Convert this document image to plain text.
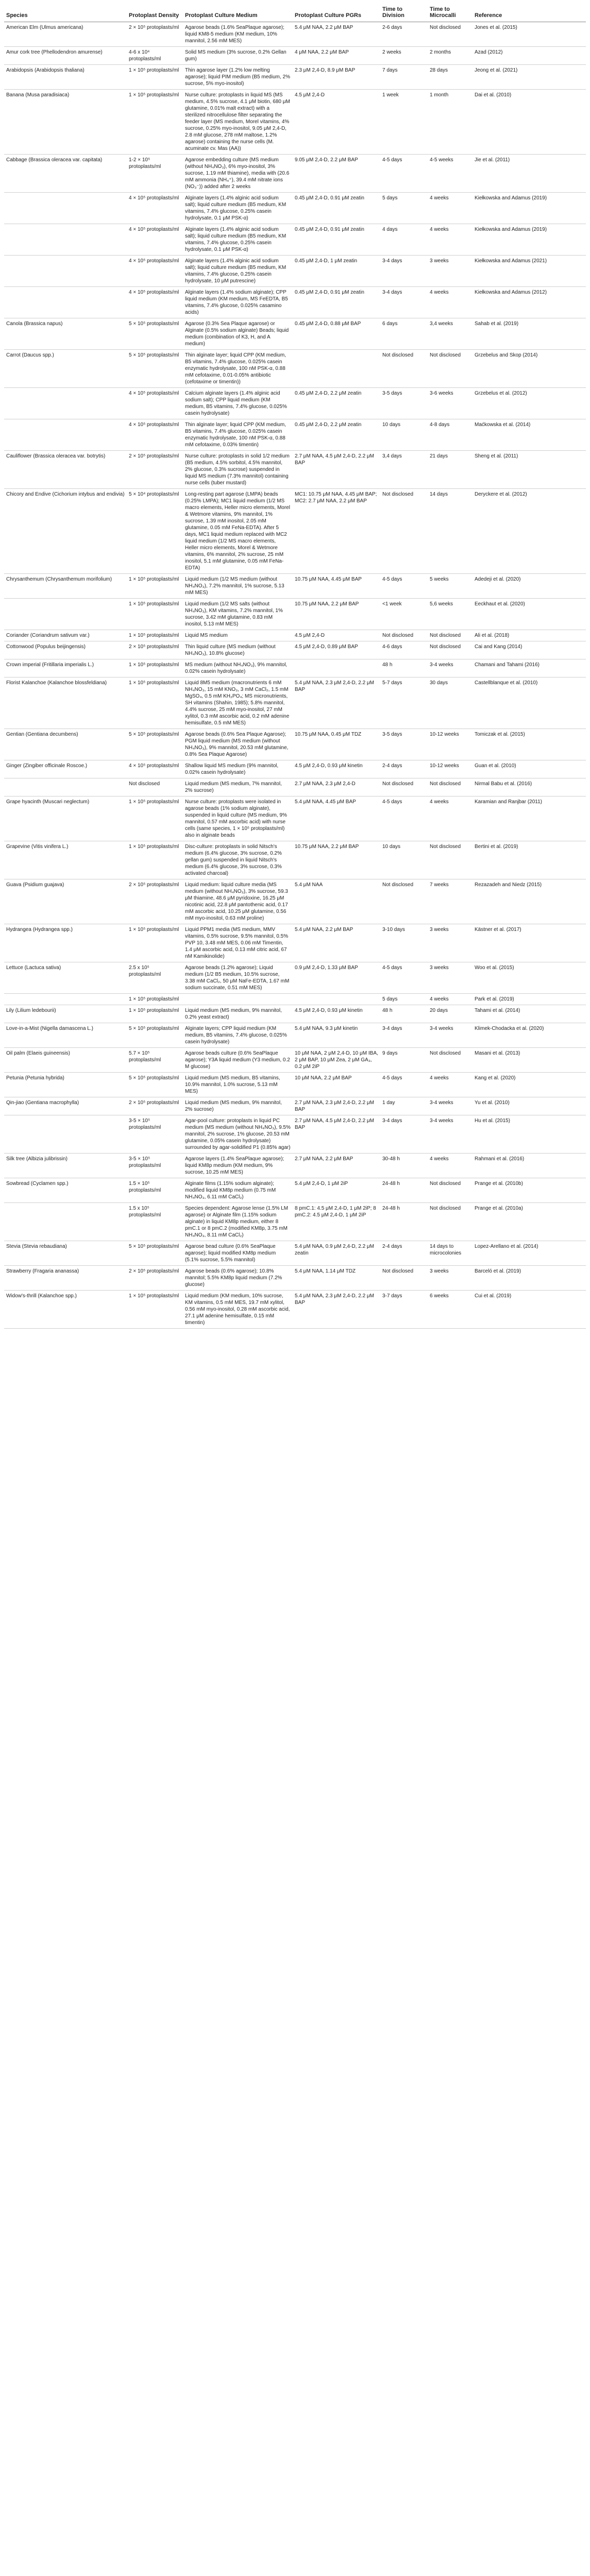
Species	Protoplast Density	Protoplast Culture Medium	Protoplast Culture PGRs	Time to Division	Time to Microcalli	Reference
American Elm (Ulmus americana)	2 × 10⁵ protoplasts/ml	Agarose beads (1.6% SeaPlaque agarose); liquid KM8-5 medium (KM medium, 10% mannitol, 2.56 mM MES)	5.4 μM NAA, 2.2 μM BAP	2-6 days	Not disclosed	Jones et al. (2015)
Amur cork tree (Phellodendron amurense)	4-6 x 10⁴ protoplasts/ml	Solid MS medium (3% sucrose, 0.2% Gellan gum)	4 μM NAA, 2.2 μM BAP	2 weeks	2 months	Azad (2012)
Arabidopsis (Arabidopsis thaliana)	1 × 10⁵ protoplasts/ml	Thin agarose layer (1.2% low melting agarose); liquid PIM medium (B5 medium, 2% sucrose, 5% myo-inositol)	2.3 μM 2,4-D, 8.9 μM BAP	7 days	28 days	Jeong et al. (2021)
Banana (Musa paradisiaca)	1 × 10⁵ protoplasts/ml	Nurse culture: protoplasts in liquid MS (MS medium, 4.5% sucrose, 4.1 μM biotin, 680 μM glutamine, 0.01% malt extract) with a sterilized nitrocellulose filter separating the feeder layer (MS medium, Morel vitamins, 4% sucrose, 0.25% myo-inositol, 9.05 μM 2,4-D, 2.8 mM glucose, 278 mM maltose, 1.2% agarose) containing the nurse cells (M. acuminate cv. Mas (AA))	4.5 μM 2,4-D	1 week	1 month	Dai et al. (2010)
Cabbage (Brassica oleracea var. capitata)	1-2 × 10⁵ protoplasts/ml	Agarose embedding culture (MS medium (without NH₄NO₃), 6% myo-inositol, 3% sucrose, 1.19 mM thiamine), media with (20.6 mM ammonia (NH₄⁺), 39.4 mM nitrate ions (NO₃⁻)) added after 2 weeks	9.05 μM 2,4-D, 2.2 μM BAP	4-5 days	4-5 weeks	Jie et al. (2011)
	4 × 10⁵ protoplasts/ml	Alginate layers (1.4% alginic acid sodium salt); liquid culture medium (B5 medium, KM vitamins, 7.4% glucose, 0.25% casein hydrolysate, 0.1 μM PSK-α)	0.45 μM 2,4-D, 0.91 μM zeatin	5 days	4 weeks	Kiełkowska and Adamus (2019)
	4 × 10⁵ protoplasts/ml	Alginate layers (1.4% alginic acid sodium salt); liquid culture medium (B5 medium, KM vitamins, 7.4% glucose, 0.25% casein hydrolysate, 0.1 μM PSK-α)	0.45 μM 2,4-D, 0.91 μM zeatin	4 days	4 weeks	Kiełkowska and Adamus (2019)
	4 × 10⁵ protoplasts/ml	Alginate layers (1.4% alginic acid sodium salt); liquid culture medium (B5 medium, KM vitamins, 7.4% glucose, 0.25% casein hydrolysate, 10 μM putrescine)	0.45 μM 2,4-D, 1 μM zeatin	3-4 days	3 weeks	Kiełkowska and Adamus (2021)
	4 × 10⁵ protoplasts/ml	Alginate layers (1.4% sodium alginate); CPP liquid medium (KM medium, MS FeEDTA, B5 vitamins, 7.4% glucose, 0.025% casamino acids)	0.45 μM 2,4-D, 0.91 μM zeatin	3-4 days	4 weeks	Kiełkowska and Adamus (2012)
Canola (Brassica napus)	5 × 10⁵ protoplasts/ml	Agarose (0.3% Sea Plaque agarose) or Alginate (0.5% sodium alginate) Beads; liquid medium (combination of K3, H, and A medium)	0.45 μM 2,4-D, 0.88 μM BAP	6 days	3,4 weeks	Sahab et al. (2019)
Carrot (Daucus spp.)	5 × 10⁵ protoplasts/ml	Thin alginate layer; liquid CPP (KM medium, B5 vitamins, 7.4% glucose, 0.025% casein enzymatic hydrolysate, 100 nM PSK-α, 0.88 mM cefotaxime, 0.01-0.05% antibiotic (cefotaxime or timentin))		Not disclosed	Not disclosed	Grzebelus and Skop (2014)
	4 × 10⁵ protoplasts/ml	Calcium alginate layers (1.4% alginic acid sodium salt); CPP liquid medium (KM medium, B5 vitamins, 7.4% glucose, 0.025% casein hydrolysate)	0.45 μM 2,4-D, 2.2 μM zeatin	3-5 days	3-6 weeks	Grzebelus et al. (2012)
	4 × 10⁵ protoplasts/ml	Thin alginate layer; liquid CPP (KM medium, B5 vitamins, 7.4% glucose, 0.025% casein enzymatic hydrolysate, 100 nM PSK-α, 0.88 mM cefotaxime, 0.03% timentin)	0.45 μM 2,4-D, 2.2 μM zeatin	10 days	4-8 days	Maćkowska et al. (2014)
Cauliflower (Brassica oleracea var. botrytis)	2 × 10⁵ protoplasts/ml	Nurse culture: protoplasts in solid 1/2 medium (B5 medium, 4.5% sorbitol, 4.5% mannitol, 2% glucose, 0.3% sucrose) suspended in liquid MS medium (7.3% mannitol) containing nurse cells (tuber mustard)	2.7 μM NAA, 4.5 μM 2,4-D, 2.2 μM BAP	3,4 days	21 days	Sheng et al. (2011)
Chicory and Endive (Cichorium intybus and endivia)	5 × 10⁴ protoplasts/ml	Long-resting part agarose (LMPA) beads (0.25% LMPA); MC1 liquid medium (1/2 MS macro elements, Heller micro elements, Morel & Wetmore vitamins, 9% mannitol, 1% sucrose, 1.39 mM inositol, 2.05 mM glutamine, 0.05 mM FeNa-EDTA). After 5 days, MC1 liquid medium replaced with MC2 liquid medium (1/2 MS macro elements, Heller micro elements, Morel & Wetmore vitamins, 6% mannitol, 2% sucrose, 25 mM inositol, 5.1 mM glutamine, 0.05 mM FeNa-EDTA)	MC1: 10.75 μM NAA, 4.45 μM BAP; MC2: 2.7 μM NAA, 2.2 μM BAP	Not disclosed	14 days	Deryckere et al. (2012)
Chrysanthemum (Chrysanthemum morifolium)	1 × 10⁵ protoplasts/ml	Liquid medium (1/2 MS medium (without NH₄NO₃), 7.2% mannitol, 1% sucrose, 5.13 mM MES)	10.75 μM NAA, 4.45 μM BAP	4-5 days	5 weeks	Adedeji et al. (2020)
	1 × 10⁵ protoplasts/ml	Liquid medium (1/2 MS salts (without NH₄NO₃), KM vitamins, 7.2% mannitol, 1% sucrose, 3.42 mM glutamine, 0.83 mM inositol, 5.13 mM MES)	10.75 μM NAA, 2.2 μM BAP	<1 week	5,6 weeks	Eeckhaut et al. (2020)
Coriander (Coriandrum sativum var.)	1 × 10⁵ protoplasts/ml	Liquid MS medium	4.5 μM 2,4-D	Not disclosed	Not disclosed	Ali et al. (2018)
Cottonwood (Populus beijingensis)	2 × 10⁵ protoplasts/ml	Thin liquid culture (MS medium (without NH₄NO₃), 10.8% glucose)	4.5 μM 2,4-D, 0.89 μM BAP	4-6 days	Not disclosed	Cai and Kang (2014)
Crown imperial (Fritillaria imperialis L.)	1 × 10⁵ protoplasts/ml	MS medium (without NH₄NO₃), 9% mannitol, 0.02% casein hydrolysate)		48 h	3-4 weeks	Chamani and Tahami (2016)
Florist Kalanchoe (Kalanchoe blossfeldiana)	1 × 10⁵ protoplasts/ml	Liquid 8M5 medium (macronutrients 6 mM NH₄NO₃, 15 mM KNO₃, 3 mM CaCl₂, 1.5 mM MgSO₄, 0.5 mM KH₂PO₄; MS micronutrients, SH vitamins (Shahin, 1985); 5.8% mannitol, 4.4% sucrose, 25 mM myo-inositol, 27 mM xylitol, 0.3 mM ascorbic acid, 0.2 mM adenine hemisulfate, 0.5 mM MES)	5.4 μM NAA, 2.3 μM 2,4-D, 2.2 μM BAP	5-7 days	30 days	Castellblanque et al. (2010)
Gentian (Gentiana decumbens)	5 × 10⁵ protoplasts/ml	Agarose beads (0.6% Sea Plaque Agarose); PGM liquid medium (MS medium (without NH₄NO₃), 9% mannitol, 20.53 mM glutamine, 0.8% Sea Plaque Agarose)	10.75 μM NAA, 0.45 μM TDZ	3-5 days	10-12 weeks	Tomiczak et al. (2015)
Ginger (Zingiber officinale Roscoe.)	4 × 10⁵ protoplasts/ml	Shallow liquid MS medium (9% mannitol, 0.02% casein hydrolysate)	4.5 μM 2,4-D, 0.93 μM kinetin	2-4 days	10-12 weeks	Guan et al. (2010)
	Not disclosed	Liquid medium (MS medium, 7% mannitol, 2% sucrose)	2.7 μM NAA, 2.3 μM 2,4-D	Not disclosed	Not disclosed	Nirmal Babu et al. (2016)
Grape hyacinth (Muscari neglectum)	1 × 10⁵ protoplasts/ml	Nurse culture: protoplasts were isolated in agarose beads (1% sodium alginate), suspended in liquid culture (MS medium, 9% mannitol, 0.57 mM ascorbic acid) with nurse cells (same species, 1 × 10⁵ protoplasts/ml) also in alginate beads	5.4 μM NAA, 4.45 μM BAP	4-5 days	4 weeks	Karamian and Ranjbar (2011)
Grapevine (Vitis vinifera L.)	1 × 10⁵ protoplasts/ml	Disc-culture: protoplasts in solid Nitsch's medium (6.4% glucose, 3% sucrose, 0.2% gellan gum) suspended in liquid Nitsch's medium (6.4% glucose, 3% sucrose, 0.3% activated charcoal)	10.75 μM NAA, 2.2 μM BAP	10 days	Not disclosed	Bertini et al. (2019)
Guava (Psidium guajava)	2 × 10⁵ protoplasts/ml	Liquid medium: liquid culture media (MS medium (without NH₄NO₃), 3% sucrose, 59.3 μM thiamine, 48.6 μM pyridoxine, 16.25 μM nicotinic acid, 22.8 μM pantothenic acid, 0.17 mM ascorbic acid, 10.25 μM glutamine, 0.56 mM myo-inositol, 0.63 mM proline)	5.4 μM NAA	Not disclosed	7 weeks	Rezazadeh and Niedz (2015)
Hydrangea (Hydrangea spp.)	1 × 10⁵ protoplasts/ml	Liquid PPM1 media (MS medium, MMV vitamins, 0.5% sucrose, 9.5% mannitol, 0.5% PVP 10, 3.48 mM MES, 0.06 mM Timentin, 1.4 μM ascorbic acid, 0.13 mM citric acid, 67 nM Kamikinolide)	5.4 μM NAA, 2.2 μM BAP	3-10 days	3 weeks	Kästner et al. (2017)
Lettuce (Lactuca sativa)	2.5 x 10⁵ protoplasts/ml	Agarose beads (1.2% agarose); Liquid medium (1/2 B5 medium, 10.5% sucrose, 3.38 mM CaCl₂, 50 μM NaFe-EDTA, 1.67 mM sodium succinate, 0.51 mM MES)	0.9 μM 2,4-D, 1.33 μM BAP	4-5 days	3 weeks	Woo et al. (2015)
	1 × 10⁵ protoplasts/ml			5 days	4 weeks	Park et al. (2019)
Lily (Lilium ledebourii)	1 × 10⁵ protoplasts/ml	Liquid medium (MS medium, 9% mannitol, 0.2% yeast extract)	4.5 μM 2,4-D, 0.93 μM kinetin	48 h	20 days	Tahami et al. (2014)
Love-in-a-Mist (Nigella damascena L.)	5 × 10⁵ protoplasts/ml	Alginate layers; CPP liquid medium (KM medium, B5 vitamins, 7.4% glucose, 0.025% casein hydrolysate)	5.4 μM NAA, 9.3 μM kinetin	3-4 days	3-4 weeks	Klimek-Chodacka et al. (2020)
Oil palm (Elaeis guineensis)	5.7 × 10⁵ protoplasts/ml	Agarose beads culture (0.6% SeaPlaque agarose); Y3A liquid medium (Y3 medium, 0.2 M glucose)	10 μM NAA, 2 μM 2,4-D, 10 μM IBA, 2 μM BAP, 10 μM Zea, 2 μM GA₃, 0.2 μM 2iP	9 days	Not disclosed	Masani et al. (2013)
Petunia (Petunia hybrida)	5 × 10⁵ protoplasts/ml	Liquid medium (MS medium, B5 vitamins, 10.9% mannitol, 1.0% sucrose, 5.13 mM MES)	10 μM NAA, 2.2 μM BAP	4-5 days	4 weeks	Kang et al. (2020)
Qin-jiao (Gentiana macrophylla)	2 × 10⁵ protoplasts/ml	Liquid medium (MS medium, 9% mannitol, 2% sucrose)	2.7 μM NAA, 2.3 μM 2,4-D, 2.2 μM BAP	1 day	3-4 weeks	Yu et al. (2010)
	3-5 × 10⁵ protoplasts/ml	Agar-pool culture: protoplasts in liquid PC medium (MS medium (without NH₄NO₃), 9.5% mannitol, 2% sucrose, 1% glucose, 20.53 mM glutamine, 0.05% casein hydrolysate) surrounded by agar-solidified P1 (0.85% agar)	2.7 μM NAA, 4.5 μM 2,4-D, 2.2 μM BAP	3-4 days	3-4 weeks	Hu et al. (2015)
Silk tree (Albizia julibrissin)	3-5 × 10⁵ protoplasts/ml	Agarose layers (1.4% SeaPlaque agarose); liquid KM8p medium (KM medium, 9% sucrose, 10.25 mM MES)	2.7 μM NAA, 2.2 μM BAP	30-48 h	4 weeks	Rahmani et al. (2016)
Sowbread (Cyclamen spp.)	1.5 × 10⁵ protoplasts/ml	Alginate films (1.15% sodium alginate); modified liquid KM8p medium (0.75 mM NH₄NO₃, 6.11 mM CaCl₂)	5.4 μM 2,4-D, 1 μM 2iP	24-48 h	Not disclosed	Prange et al. (2010b)
	1.5 x 10⁵ protoplasts/ml	Species dependent: Agarose lense (1.5% LM agarose) or Alginate film (1.15% sodium alginate) in liquid KM8p medium, either 8 pmC.1 or 8 pmC.2 (modified KM8p, 3.75 mM NH₄NO₃, 8.11 mM CaCl₂)	8 pmC.1: 4.5 μM 2,4-D, 1 μM 2iP; 8 pmC.2: 4.5 μM 2,4-D, 1 μM 2iP	24-48 h	Not disclosed	Prange et al. (2010a)
Stevia (Stevia rebaudiana)	5 × 10⁵ protoplasts/ml	Agarose bead culture (0.6% SeaPlaque agarose); liquid modified KM8p medium (5.1% sucrose, 5.5% mannitol)	5.4 μM NAA, 0.9 μM 2,4-D, 2.2 μM zeatin	2-4 days	14 days to microcolonies	Lopez-Arellano et al. (2014)
Strawberry (Fragaria ananassa)	2 × 10⁵ protoplasts/ml	Agarose beads (0.6% agarose); 10.8% mannitol; 5.5% KM8p liquid medium (7.2% glucose)	5.4 μM NAA, 1.14 μM TDZ	Not disclosed	3 weeks	Barceló et al. (2019)
Widow's-thrill (Kalanchoe spp.)	1 × 10⁵ protoplasts/ml	Liquid medium (KM medium, 10% sucrose, KM vitamins, 0.5 mM MES, 19.7 mM xylitol, 0.56 mM myo-inositol, 0.28 mM ascorbic acid, 27.1 μM adenine hemisulfate, 0.15 mM timentin)	5.4 μM NAA, 2.3 μM 2,4-D, 2.2 μM BAP	3-7 days	6 weeks	Cui et al. (2019)
